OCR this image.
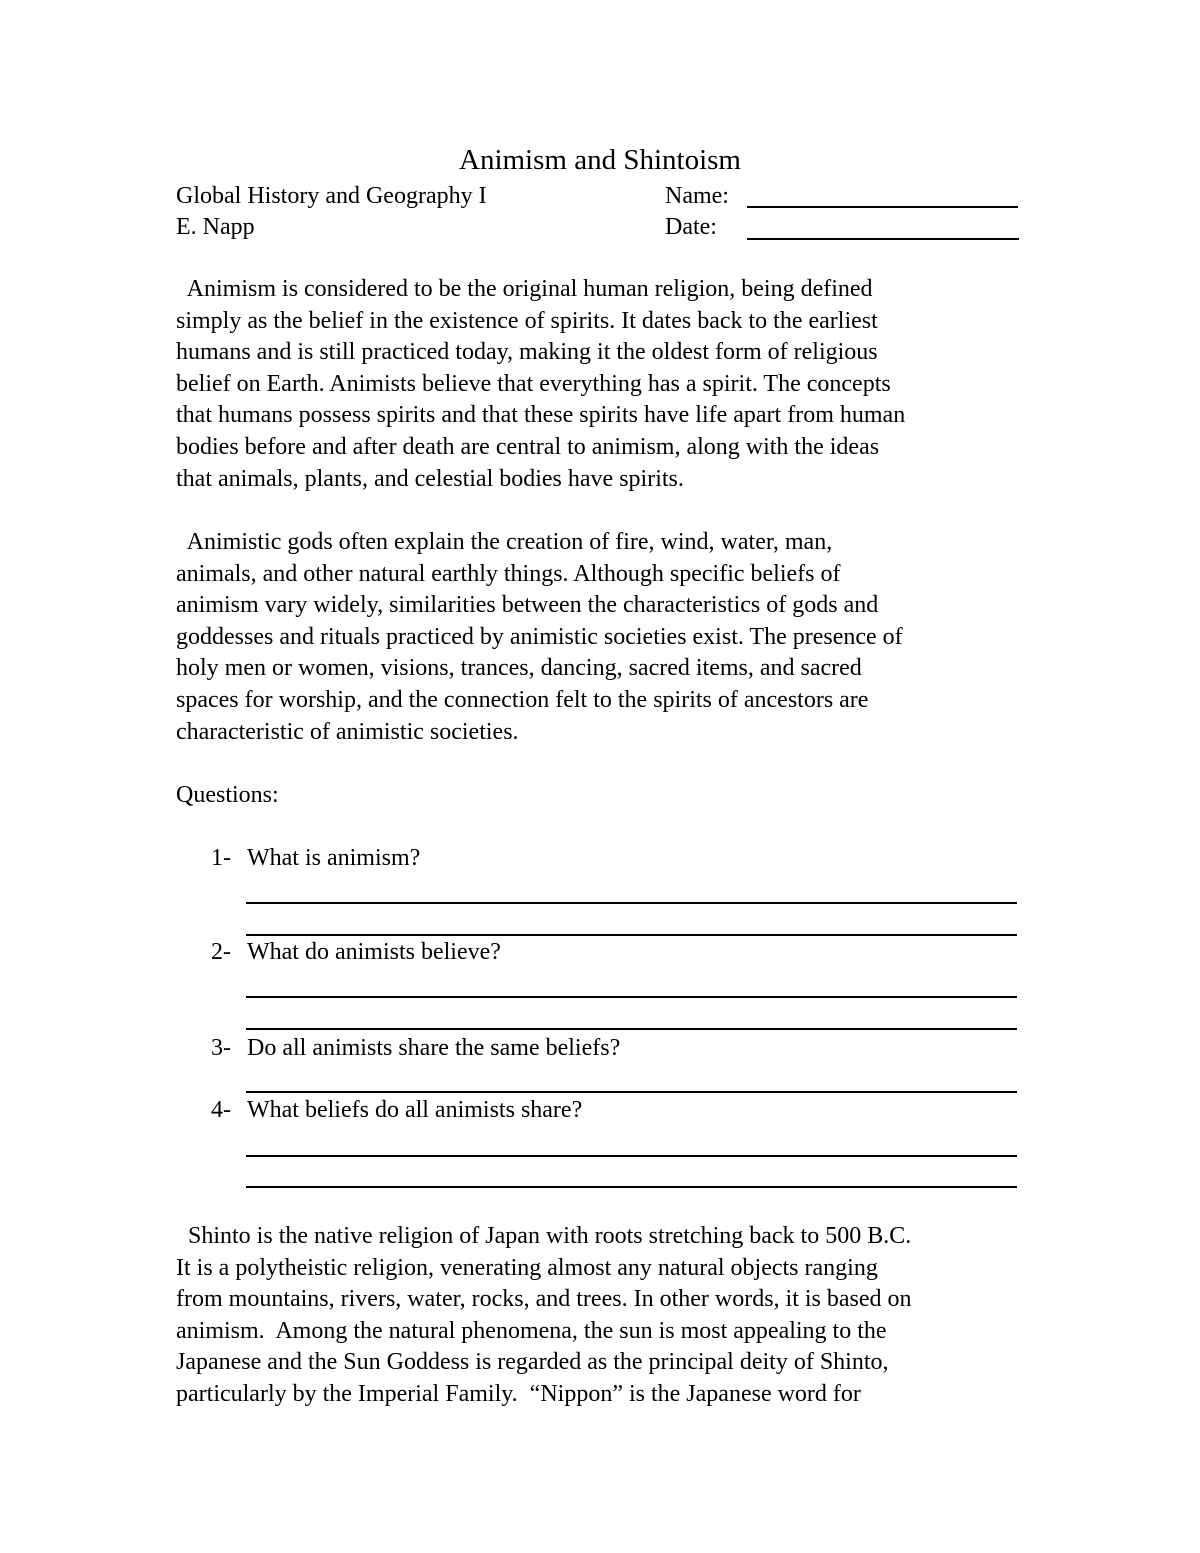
Animism and Shintoism
Global History and Geography I	Name:
E. Napp	Date:
Animism is considered to be the original human religion, being defined
simply as the belief in the existence of spirits. It dates back to the earliest
humans and is still practiced today, making it the oldest form of religious
belief on Earth. Animists believe that everything has a spirit. The concepts
that humans possess spirits and that these spirits have life apart from human
bodies before and after death are central to animism, along with the ideas
that animals, plants, and celestial bodies have spirits.
Animistic gods often explain the creation of fire, wind, water, man,
animals, and other natural earthly things. Although specific beliefs of
animism vary widely, similarities between the characteristics of gods and
goddesses and rituals practiced by animistic societies exist. The presence of
holy men or women, visions, trances, dancing, sacred items, and sacred
spaces for worship, and the connection felt to the spirits of ancestors are
characteristic of animistic societies.
Questions:
1- What is animism?
2- What do animists believe?
3- Do all animists share the same beliefs?
4- What beliefs do all animists share?
Shinto is the native religion of Japan with roots stretching back to 500 B.C.
It is a polytheistic religion, venerating almost any natural objects ranging
from mountains, rivers, water, rocks, and trees. In other words, it is based on
animism.  Among the natural phenomena, the sun is most appealing to the
Japanese and the Sun Goddess is regarded as the principal deity of Shinto,
particularly by the Imperial Family.  “Nippon” is the Japanese word for
